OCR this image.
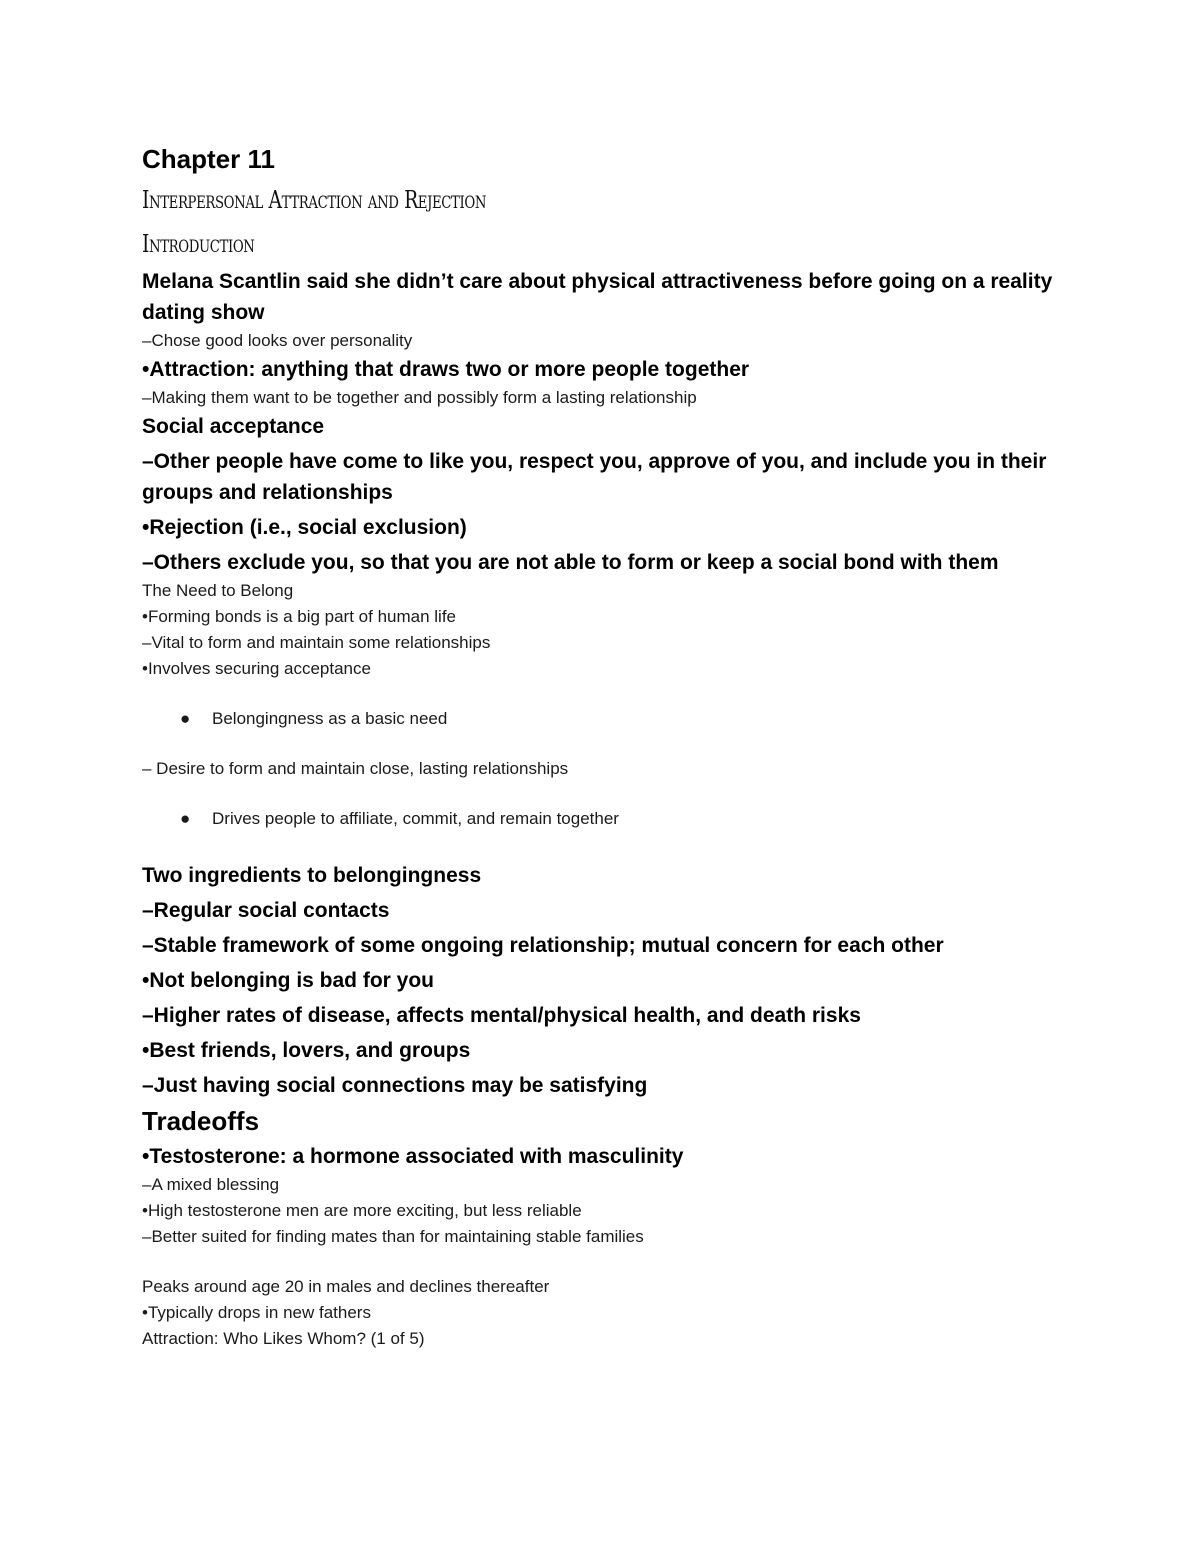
Chapter 11
Interpersonal Attraction and Rejection
Introduction
Melana Scantlin said she didn’t care about physical attractiveness before going on a reality dating show
–Chose good looks over personality
•Attraction: anything that draws two or more people together
–Making them want to be together and possibly form a lasting relationship
Social acceptance
–Other people have come to like you, respect you, approve of you, and include you in their groups and relationships
•Rejection (i.e., social exclusion)
–Others exclude you, so that you are not able to form or keep a social bond with them
The Need to Belong
•Forming bonds is a big part of human life
–Vital to form and maintain some relationships
•Involves securing acceptance
● Belongingness as a basic need
– Desire to form and maintain close, lasting relationships
● Drives people to affiliate, commit, and remain together
Two ingredients to belongingness
–Regular social contacts
–Stable framework of some ongoing relationship; mutual concern for each other
•Not belonging is bad for you
–Higher rates of disease, affects mental/physical health, and death risks
•Best friends, lovers, and groups
–Just having social connections may be satisfying
Tradeoffs
•Testosterone: a hormone associated with masculinity
–A mixed blessing
•High testosterone men are more exciting, but less reliable
–Better suited for finding mates than for maintaining stable families
Peaks around age 20 in males and declines thereafter
•Typically drops in new fathers
Attraction: Who Likes Whom? (1 of 5)
